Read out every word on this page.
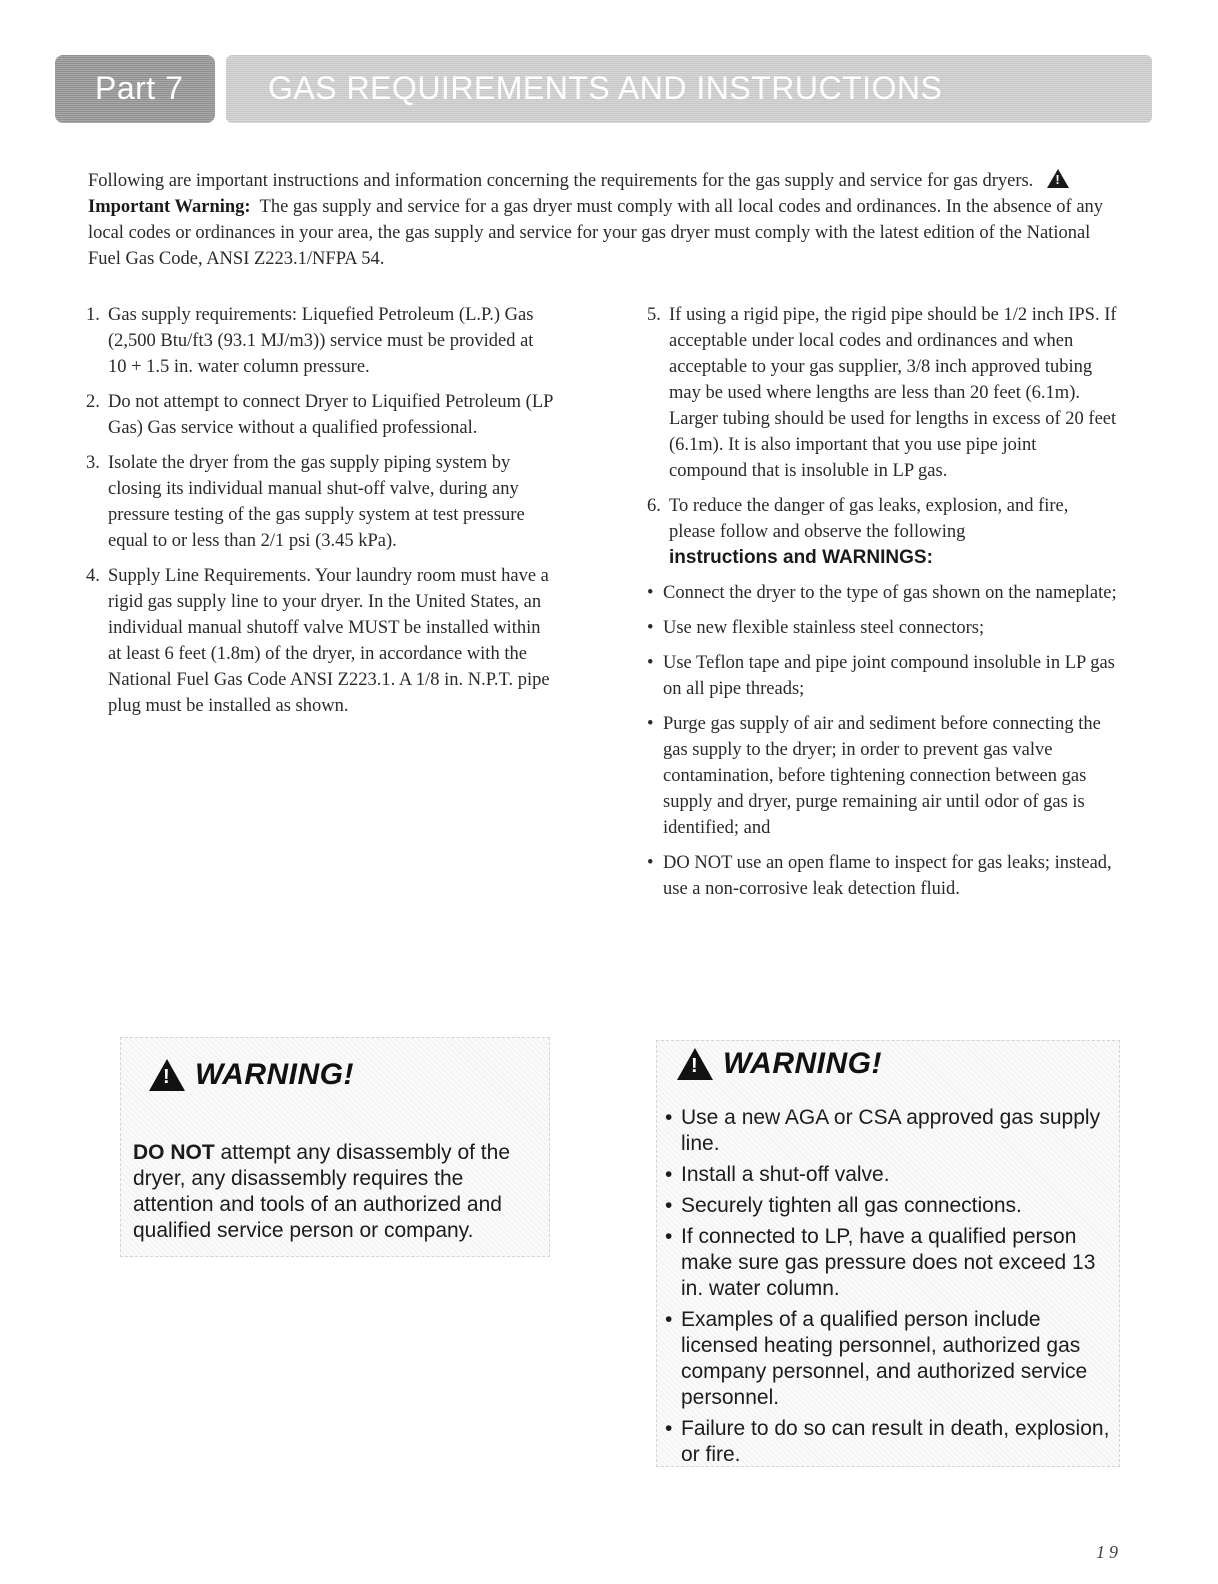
Part 7	GAS REQUIREMENTS AND INSTRUCTIONS
Following are important instructions and information concerning the requirements for the gas supply and service for gas dryers.!Important Warning: The gas supply and service for a gas dryer must comply with all local codes and ordinances. In the absence of any local codes or ordinances in your area, the gas supply and service for your gas dryer must comply with the latest edition of the National Fuel Gas Code, ANSI Z223.1/NFPA 54.
1. Gas supply requirements: Liquefied Petroleum (L.P.) Gas (2,500 Btu/ft3 (93.1 MJ/m3)) service must be provided at 10 + 1.5 in. water column pressure.
2. Do not attempt to connect Dryer to Liquified Petroleum (LP Gas) Gas service without a qualified professional.
3. Isolate the dryer from the gas supply piping system by closing its individual manual shut-off valve, during any pressure testing of the gas supply system at test pressure equal to or less than 2/1 psi (3.45 kPa).
4. Supply Line Requirements. Your laundry room must have a rigid gas supply line to your dryer. In the United States, an individual manual shutoff valve MUST be installed within at least 6 feet (1.8m) of the dryer, in accordance with the National Fuel Gas Code ANSI Z223.1. A 1/8 in. N.P.T. pipe plug must be installed as shown.
5. If using a rigid pipe, the rigid pipe should be 1/2 inch IPS. If acceptable under local codes and ordinances and when acceptable to your gas supplier, 3/8 inch approved tubing may be used where lengths are less than 20 feet (6.1m). Larger tubing should be used for lengths in excess of 20 feet (6.1m). It is also important that you use pipe joint compound that is insoluble in LP gas.
6. To reduce the danger of gas leaks, explosion, and fire, please follow and observe the following
instructions and WARNINGS:
• Connect the dryer to the type of gas shown on the nameplate;
• Use new flexible stainless steel connectors;
• Use Teflon tape and pipe joint compound insoluble in LP gas on all pipe threads;
• Purge gas supply of air and sediment before connecting the gas supply to the dryer; in order to prevent gas valve contamination, before tightening connection between gas supply and dryer, purge remaining air until odor of gas is identified; and
• DO NOT use an open flame to inspect for gas leaks; instead, use a non-corrosive leak detection fluid.
! WARNING!
DO NOT attempt any disassembly of the dryer, any disassembly requires the attention and tools of an authorized and qualified service person or company.
! WARNING!
• Use a new AGA or CSA approved gas supply line.
• Install a shut-off valve.
• Securely tighten all gas connections.
• If connected to LP, have a qualified person make sure gas pressure does not exceed 13 in. water column.
• Examples of a qualified person include licensed heating personnel, authorized gas company personnel, and authorized service personnel.
• Failure to do so can result in death, explosion, or fire.
19
